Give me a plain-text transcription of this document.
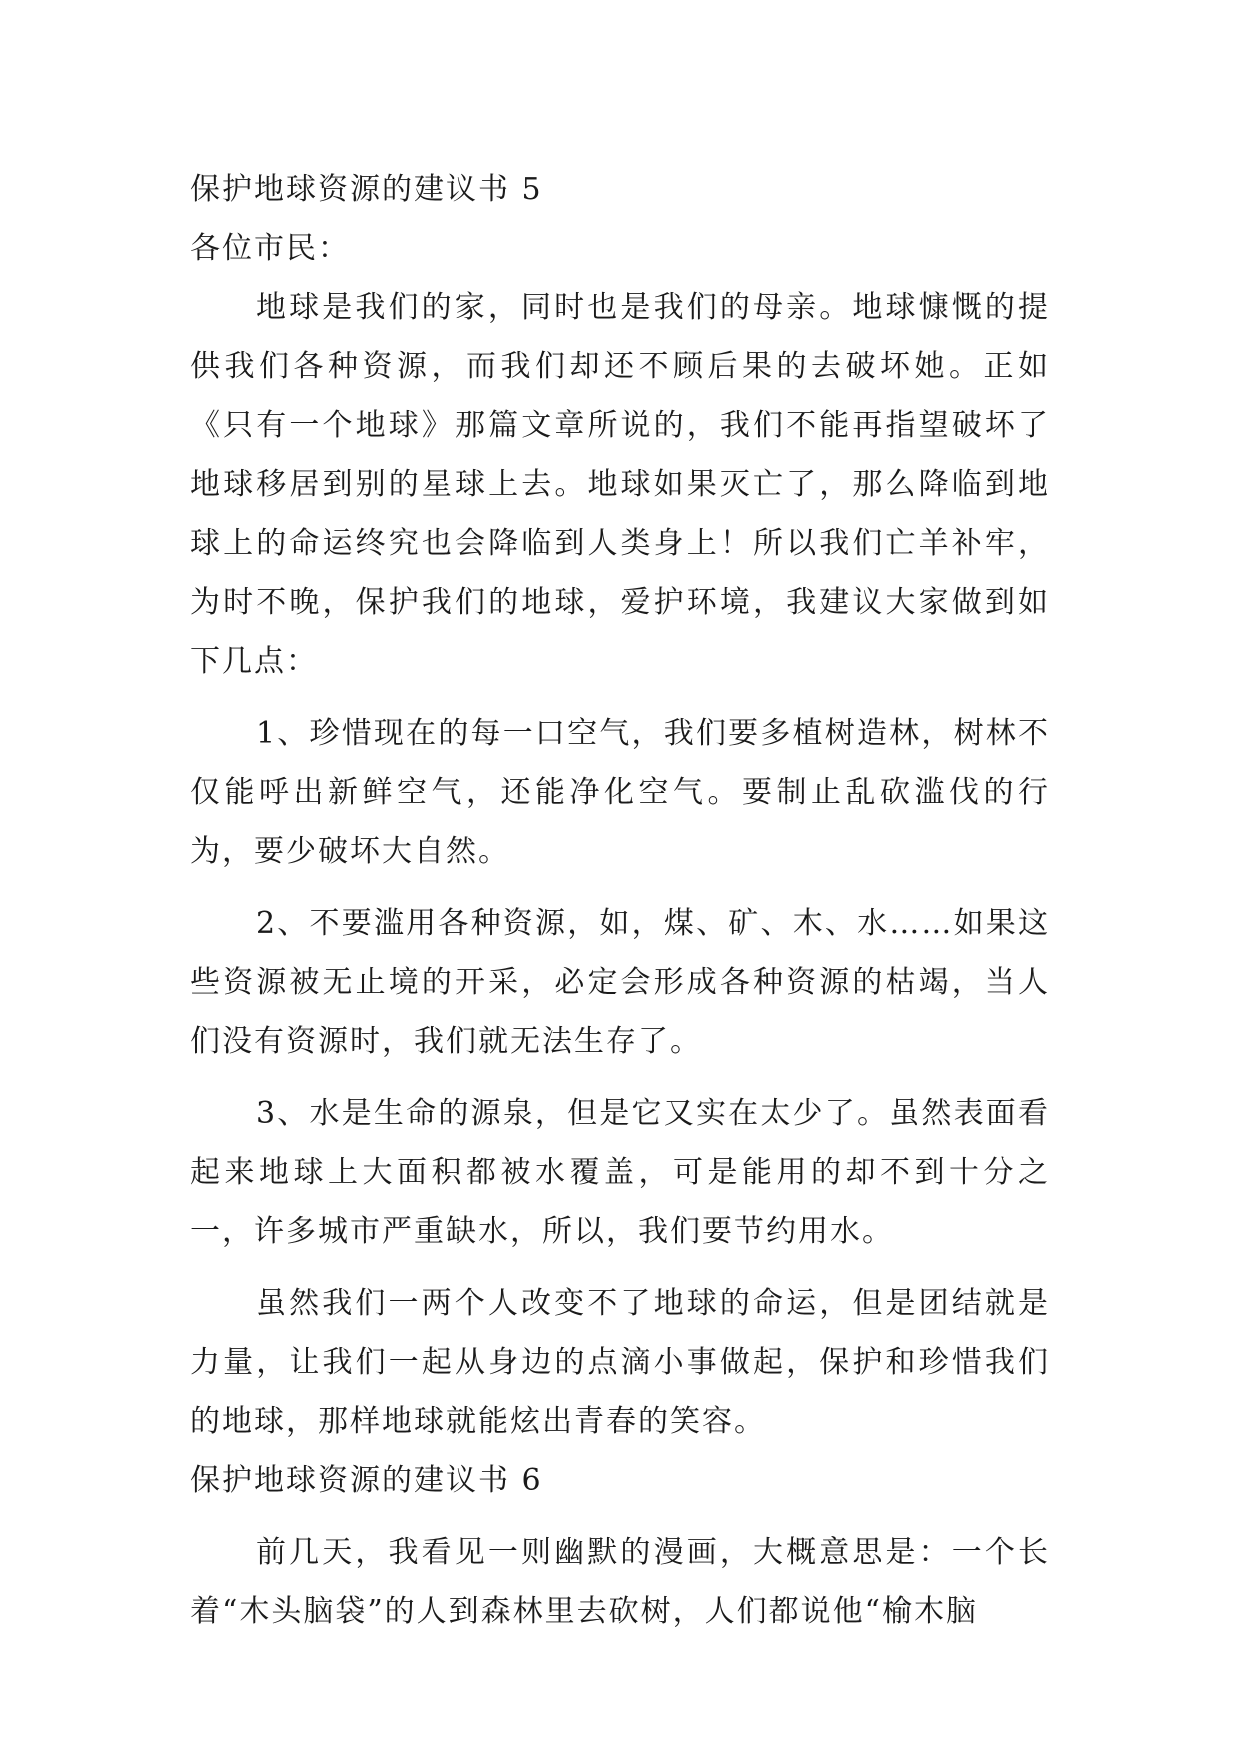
保护地球资源的建议书 5
各位市民：

地球是我们的家，同时也是我们的母亲。地球慷慨的提供我们各种资源，而我们却还不顾后果的去破坏她。正如《只有一个地球》那篇文章所说的，我们不能再指望破坏了地球移居到别的星球上去。地球如果灭亡了，那么降临到地球上的命运终究也会降临到人类身上！所以我们亡羊补牢，为时不晚，保护我们的地球，爱护环境，我建议大家做到如下几点：

1、珍惜现在的每一口空气，我们要多植树造林，树林不仅能呼出新鲜空气，还能净化空气。要制止乱砍滥伐的行为，要少破坏大自然。

2、不要滥用各种资源，如，煤、矿、木、水……如果这些资源被无止境的开采，必定会形成各种资源的枯竭，当人们没有资源时，我们就无法生存了。

3、水是生命的源泉，但是它又实在太少了。虽然表面看起来地球上大面积都被水覆盖，可是能用的却不到十分之一，许多城市严重缺水，所以，我们要节约用水。

虽然我们一两个人改变不了地球的命运，但是团结就是力量，让我们一起从身边的点滴小事做起，保护和珍惜我们的地球，那样地球就能炫出青春的笑容。

保护地球资源的建议书 6

前几天，我看见一则幽默的漫画，大概意思是：一个长着“木头脑袋”的人到森林里去砍树，人们都说他“榆木脑
